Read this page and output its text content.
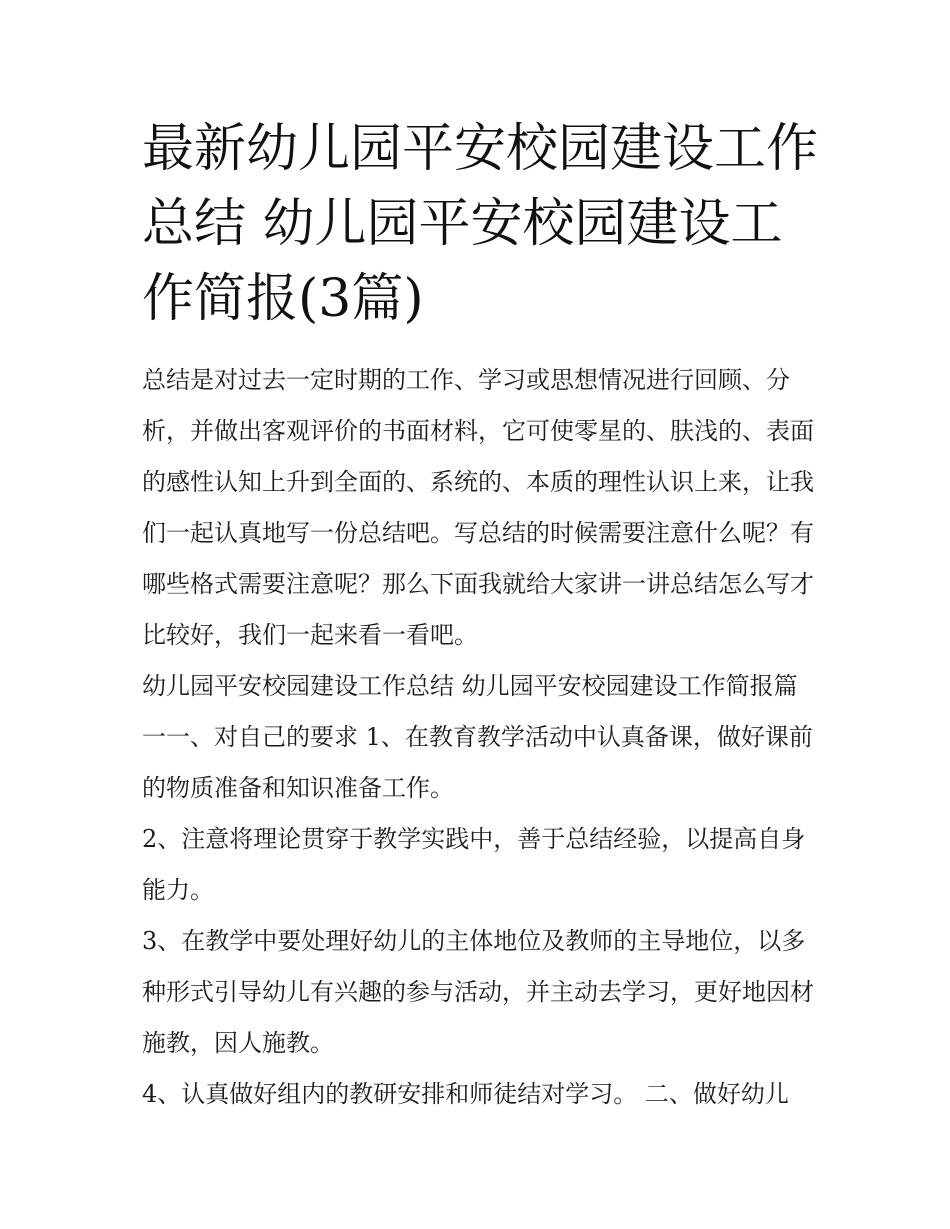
最新幼儿园平安校园建设工作总结 幼儿园平安校园建设工作简报(3篇)

总结是对过去一定时期的工作、学习或思想情况进行回顾、分析，并做出客观评价的书面材料，它可使零星的、肤浅的、表面的感性认知上升到全面的、系统的、本质的理性认识上来，让我们一起认真地写一份总结吧。写总结的时候需要注意什么呢？有哪些格式需要注意呢？那么下面我就给大家讲一讲总结怎么写才比较好，我们一起来看一看吧。

幼儿园平安校园建设工作总结 幼儿园平安校园建设工作简报篇一一、对自己的要求 1、在教育教学活动中认真备课，做好课前的物质准备和知识准备工作。

2、注意将理论贯穿于教学实践中，善于总结经验，以提高自身能力。

3、在教学中要处理好幼儿的主体地位及教师的主导地位，以多种形式引导幼儿有兴趣的参与活动，并主动去学习，更好地因材施教，因人施教。

4、认真做好组内的教研安排和师徒结对学习。 二、做好幼儿
